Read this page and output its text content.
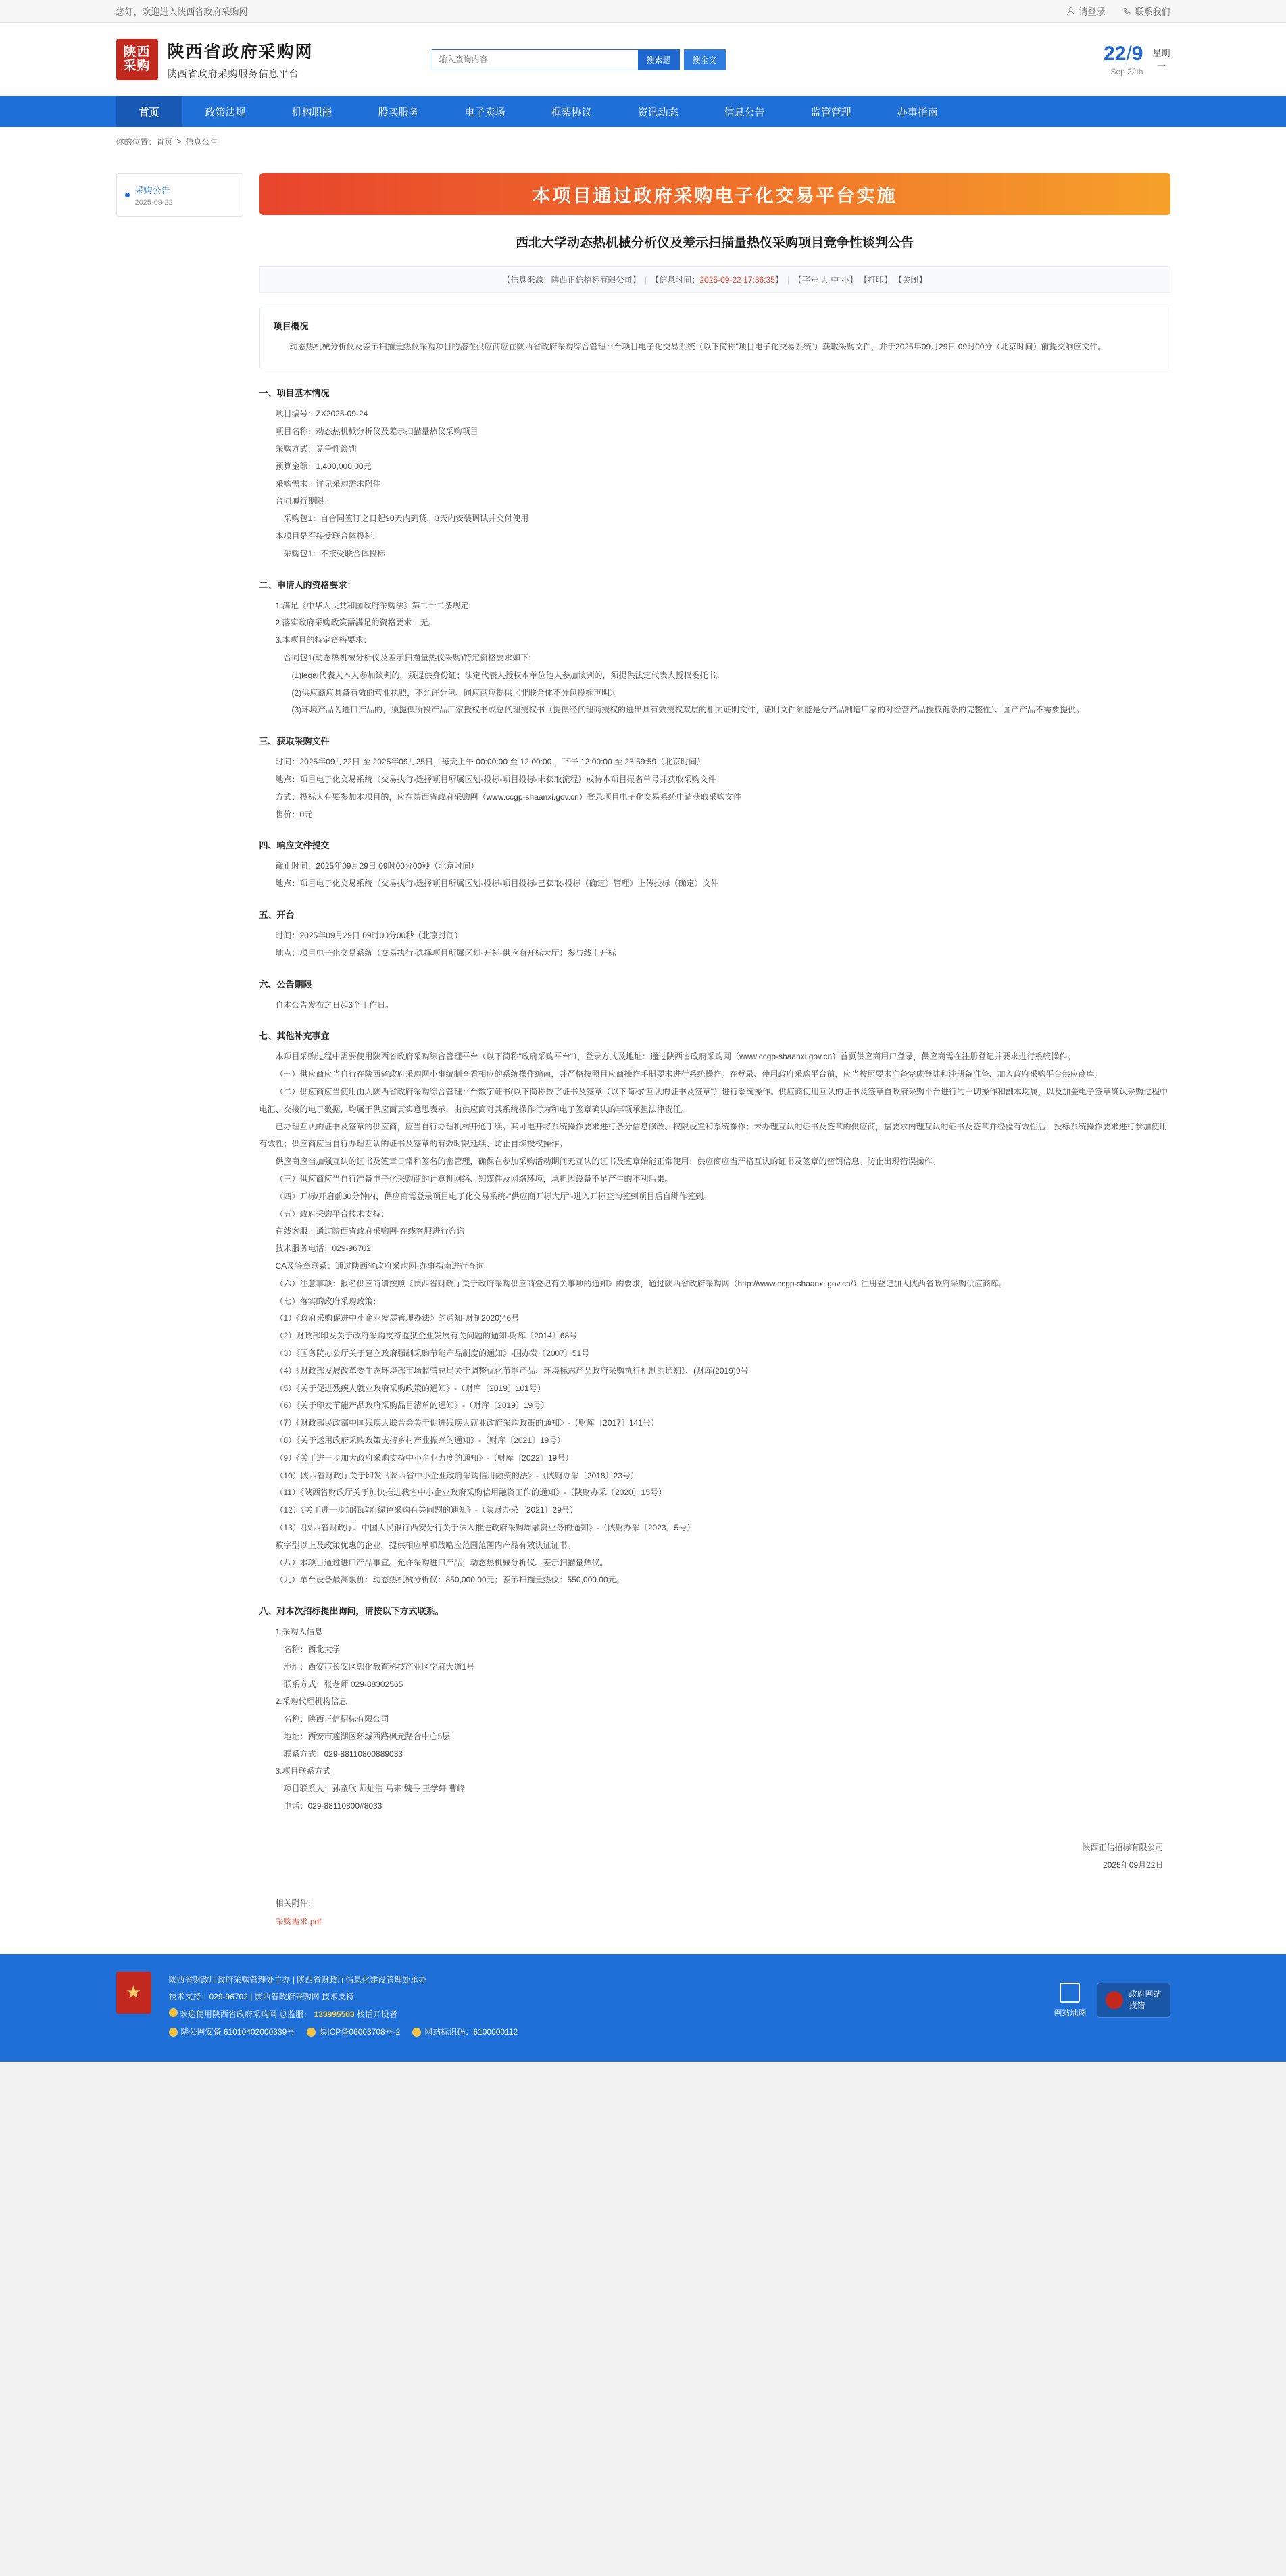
您好，欢迎进入陕西省政府采购网	请登录	联系我们
陕西
采购
陕西省政府采购网
陕西省政府采购服务信息平台
输入查询内容
搜索题	搜全文	22/9
Sep 22th
星期
一
首页	政策法规	机构职能	股买服务	电子卖场	框架协议	资讯动态	信息公告	监管管理	办事指南
你的位置： 首页 > 信息公告
采购公告
2025-09-22	本项目通过政府采购电子化交易平台实施
西北大学动态热机械分析仪及差示扫描量热仪采购项目竞争性谈判公告
【信息来源：陕西正信招标有限公司】 | 【信息时间：2025-09-22 17:36:35】 | 【字号 大 中 小】 【打印】 【关闭】
项目概况

动态热机械分析仪及差示扫描量热仪采购项目的潜在供应商应在陕西省政府采购综合管理平台项目电子化交易系统（以下简称"项目电子化交易系统"）获取采购文件，并于2025年09月29日 09时00分（北京时间）前提交响应文件。

一、项目基本情况
项目编号：ZX2025-09-24
项目名称：动态热机械分析仪及差示扫描量热仪采购项目
采购方式：竞争性谈判
预算金额：1,400,000.00元
采购需求：详见采购需求附件
合同履行期限：
采购包1：自合同签订之日起90天内到货，3天内安装调试并交付使用
本项目是否接受联合体投标:
采购包1：不接受联合体投标
二、申请人的资格要求：
1.满足《中华人民共和国政府采购法》第二十二条规定;
2.落实政府采购政策需满足的资格要求：无。
3.本项目的特定资格要求：
合同包1(动态热机械分析仪及差示扫描量热仪采购)特定资格要求如下:
(1)legal代表人本人参加谈判的，须提供身份证；法定代表人授权本单位他人参加谈判的，须提供法定代表人授权委托书。
(2)供应商应具备有效的营业执照，不允许分包、同应商应提供《非联合体不分包投标声明》。
(3)环境产品为进口产品的，须提供所投产品厂家授权书或总代理授权书（提供经代理商授权的进出具有效授权双层的相关证明文件，证明文件须能是分产品制造厂家的对经营产品授权链条的完整性）、国产产品不需要提供。
三、获取采购文件
时间：2025年09月22日 至 2025年09月25日，每天上午 00:00:00 至 12:00:00 ，下午 12:00:00 至 23:59:59（北京时间）
地点：项目电子化交易系统（交易执行-选择项目所属区划-投标-项目投标-未获取流程）或待本项目报名单号并获取采购文件
方式：投标人有要参加本项目的，应在陕西省政府采购网（www.ccgp-shaanxi.gov.cn）登录项目电子化交易系统申请获取采购文件
售价：0元
四、响应文件提交
截止时间：2025年09月29日 09时00分00秒（北京时间）
地点：项目电子化交易系统（交易执行-选择项目所属区划-投标-项目投标-已获取-投标（确定）管理）上传投标（确定）文件
五、开台
时间：2025年09月29日 09时00分00秒（北京时间）
地点：项目电子化交易系统（交易执行-选择项目所属区划-开标-供应商开标大厅）参与线上开标
六、公告期限
自本公告发布之日起3个工作日。
七、其他补充事宜
本项目采购过程中需要使用陕西省政府采购综合管理平台（以下简称"政府采购平台"），登录方式及地址：通过陕西省政府采购网（www.ccgp-shaanxi.gov.cn）首页供应商用户登录，供应商需在注册登记并要求进行系统操作。
（一）供应商应当自行在陕西省政府采购网小事编制查看相应的系统操作编南，并严格按照目应商操作手册要求进行系统操作。在登录、使用政府采购平台前，应当按照要求准备完成登陆和注册备准备、加入政府采购平台供应商库。
（二）供应商应当使用由人陕西省政府采购综合管理平台数字证书(以下简称数字证书及签章（以下简称"互认的证书及签章"）进行系统操作。供应商使用互认的证书及签章自政府采购平台进行的一切操作和副本均属，以及加盖电子签章确认采购过程中电汇、交接的电子数据，均属于供应商真实意思表示，由供应商对其系统操作行为和电子签章确认的事项承担法律责任。
已办理互认的证书及签章的供应商，应当自行办理机构开通手续。其可电开将系统操作要求进行条分信息修改、权限设置和系统操作；未办理互认的证书及签章的供应商，据要求内理互认的证书及签章并经验有效性后，投标系统操作要求进行参加使用有效性；供应商应当自行办理互认的证书及签章的有效时限延续、防止自续授权操作。
供应商应当加强互认的证书及签章日常和签名的密管理，确保在参加采购活动期间无互认的证书及签章始能正常使用；供应商应当严格互认的证书及签章的密钥信息。防止出现错误操作。
（三）供应商应当自行准备电子化采购商的计算机网络、知媒件及网络环境，承担因设备不足产生的不利后果。
（四）开标/开启前30分钟内，供应商需登录项目电子化交易系统-"供应商开标大厅"-进入开标查询签到项目后自绑作签到。
（五）政府采购平台技术支持：
在线客服：通过陕西省政府采购网-在线客服进行咨询
技术服务电话：029-96702
CA及签章联系：通过陕西省政府采购网-办事指南进行查询
（六）注意事项：报名供应商请按照《陕西省财政厅关于政府采购供应商登记有关事项的通知》的要求，通过陕西省政府采购网（http://www.ccgp-shaanxi.gov.cn/）注册登记加入陕西省政府采购供应商库。
（七）落实的政府采购政策：
（1）《政府采购促进中小企业发展管理办法》的通知-财制2020)46号
（2）财政部印发关于政府采购支持监狱企业发展有关问题的通知-财库〔2014〕68号
（3）《国务院办公厅关于建立政府强制采购节能产品制度的通知》-国办发〔2007〕51号
（4）《财政部发展改革委生态环境部市场监管总局关于调整优化节能产品、环境标志产品政府采购执行机制的通知》、(财库(2019)9号
（5）《关于促进残疾人就业政府采购政策的通知》-（财库〔2019〕101号）
（6）《关于印发节能产品政府采购品目清单的通知》-（财库〔2019〕19号）
（7）《财政部民政部中国残疾人联合会关于促进残疾人就业政府采购政策的通知》-（财库〔2017〕141号）
（8）《关于运用政府采购政策支持乡村产业振兴的通知》-（财库〔2021〕19号）
（9）《关于进一步加大政府采购支持中小企业力度的通知》-（财库〔2022〕19号）
（10）陕西省财政厅关于印发《陕西省中小企业政府采购信用融资的法》-（陕财办采〔2018〕23号）
（11）《陕西省财政厅关于加快推进我省中小企业政府采购信用融资工作的通知》-（陕财办采〔2020〕15号）
（12）《关于进一步加强政府绿色采购有关问题的通知》-（陕财办采〔2021〕29号）
（13）《陕西省财政厅、中国人民银行西安分行关于深入推进政府采购周融资业务的通知》-（陕财办采〔2023〕5号）
数字型以上及政策优惠的企业，提供相应单项战略应范围范围内产品有效认证证书。
（八）本项目通过进口产品事宜。允许采购进口产品；动态热机械分析仪、差示扫描量热仪。
（九）单台设备最高限价：动态热机械分析仪：850,000.00元；差示扫描量热仪：550,000.00元。
八、对本次招标提出询问，请按以下方式联系。
1.采购人信息
名称：西北大学
地址：西安市长安区郭化教育科技产业区学府大道1号
联系方式：张老师 029-88302565
2.采购代理机构信息
名称：陕西正信招标有限公司
地址：西安市莲湖区环城西路枫元路合中心5层
联系方式：029-88110800889033
3.项目联系方式
项目联系人：孙童欣 师灿浩 马来 魏丹 王学轩 曹峰
电话：029-88110800#8033
陕西正信招标有限公司
2025年09月22日
相关附件：
采购需求.pdf
★
陕西省财政厅政府采购管理处主办 | 陕西省财政厅信息化建设管理处承办
技术支持：029-96702 | 陕西省政府采购网 技术支持
欢迎使用陕西省政府采购网 总监服： 133995503 校话开设者
陕公网安备 61010402000339号	陕ICP备06003708号-2	网站标识码：6100000112
网站地图
政府网站
找错
